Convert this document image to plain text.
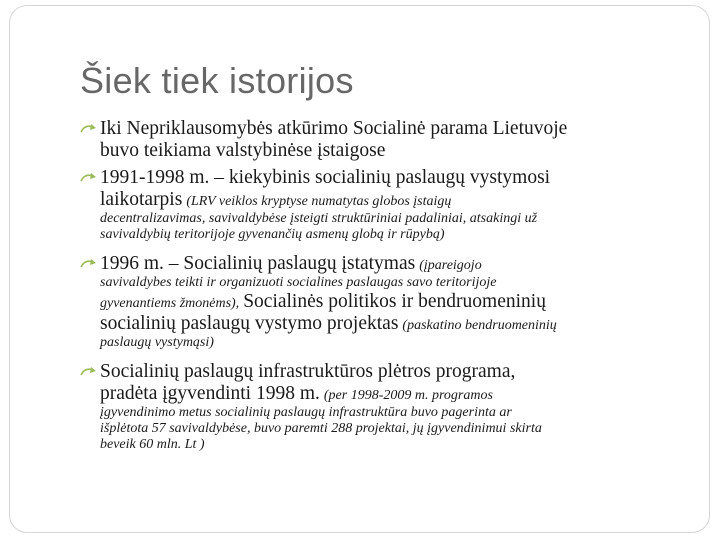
Šiek tiek istorijos
Iki Nepriklausomybės atkūrimo Socialinė parama Lietuvoje buvo teikiama valstybinėse įstaigose
1991-1998 m. – kiekybinis socialinių paslaugų vystymosi
laikotarpis (LRV veiklos kryptyse numatytas globos įstaigų
decentralizavimas, savivaldybėse įsteigti struktūriniai padaliniai, atsakingi už
savivaldybių teritorijoje gyvenančių asmenų globą ir rūpybą)
1996 m. – Socialinių paslaugų įstatymas (įpareigojo
savivaldybes teikti ir organizuoti socialines paslaugas savo teritorijoje
gyvenantiems žmonėms), Socialinės politikos ir bendruomeninių
socialinių paslaugų vystymo projektas (paskatino bendruomeninių
paslaugų vystymąsi)
Socialinių paslaugų infrastruktūros plėtros programa,
pradėta įgyvendinti 1998 m. (per 1998-2009 m. programos
įgyvendinimo metus socialinių paslaugų infrastruktūra buvo pagerinta ar
išplėtota 57 savivaldybėse, buvo paremti 288 projektai, jų įgyvendinimui skirta
beveik 60 mln. Lt )
